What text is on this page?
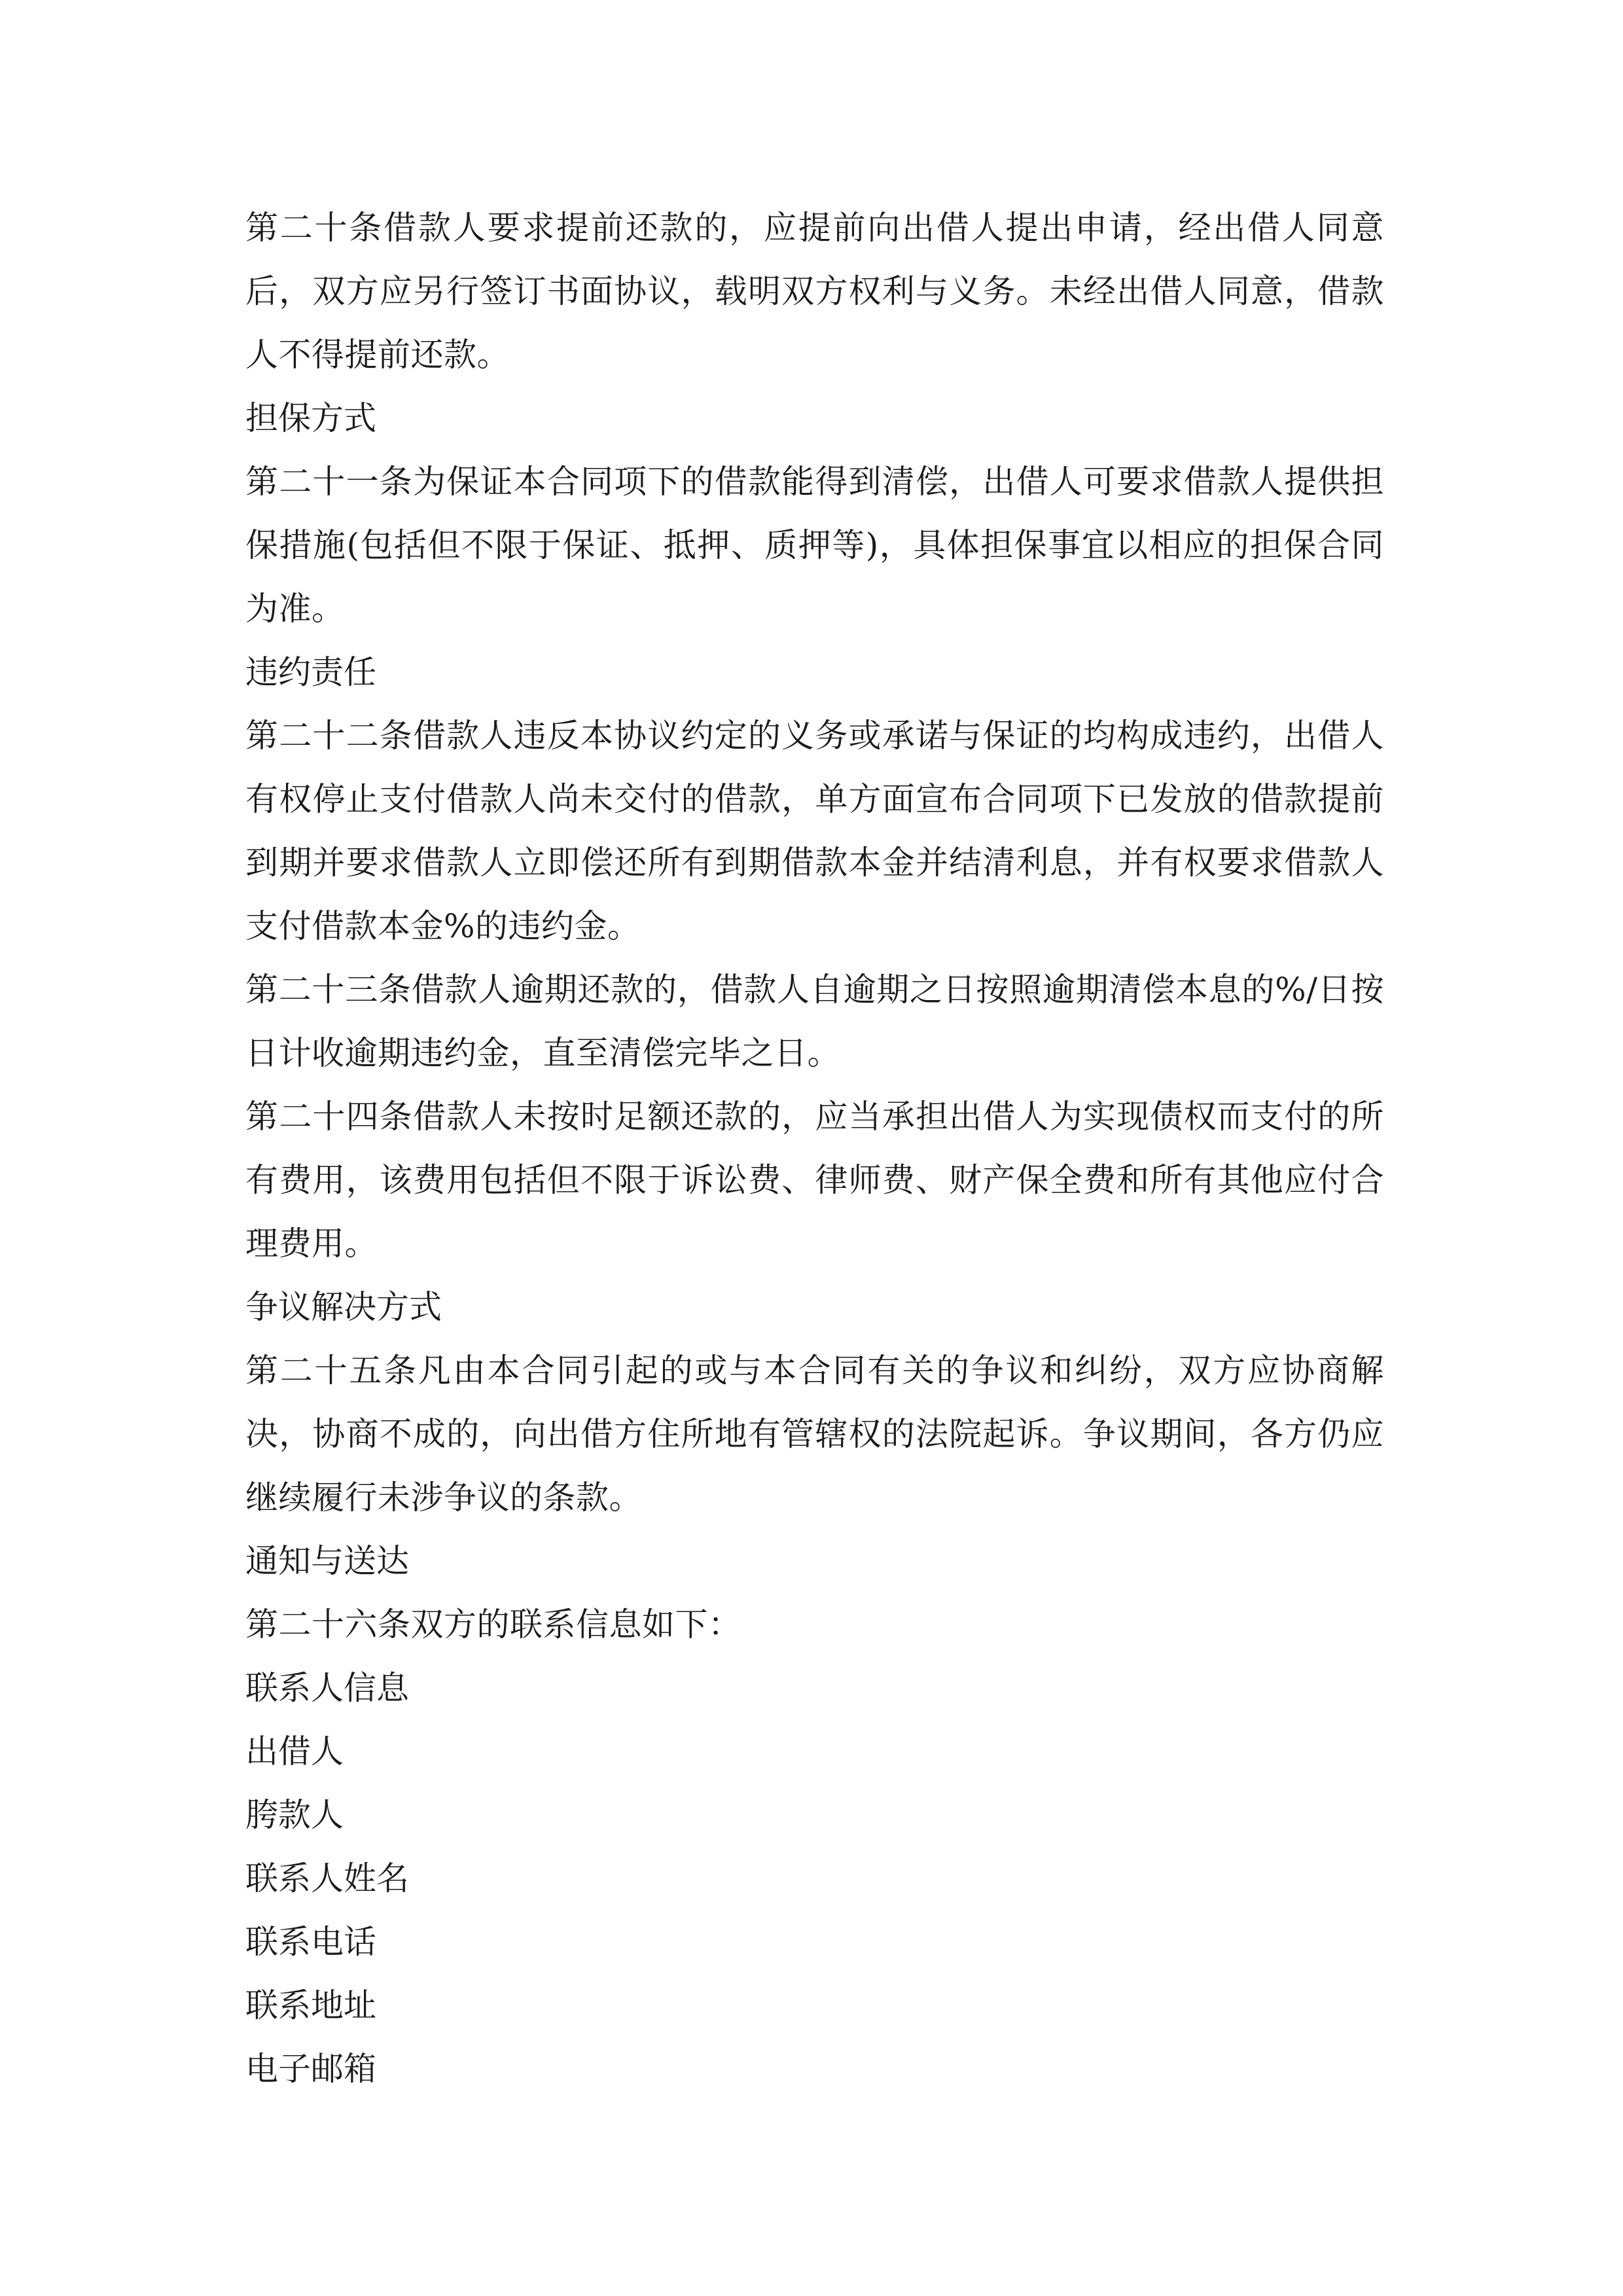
第二十条借款人要求提前还款的，应提前向出借人提出申请，经出借人同意后，双方应另行签订书面协议，载明双方权利与义务。未经出借人同意，借款人不得提前还款。

担保方式

第二十一条为保证本合同项下的借款能得到清偿，出借人可要求借款人提供担保措施(包括但不限于保证、抵押、质押等)，具体担保事宜以相应的担保合同为准。

违约责任

第二十二条借款人违反本协议约定的义务或承诺与保证的均构成违约，出借人有权停止支付借款人尚未交付的借款，单方面宣布合同项下已发放的借款提前到期并要求借款人立即偿还所有到期借款本金并结清利息，并有权要求借款人支付借款本金%的违约金。

第二十三条借款人逾期还款的，借款人自逾期之日按照逾期清偿本息的%/日按日计收逾期违约金，直至清偿完毕之日。

第二十四条借款人未按时足额还款的，应当承担出借人为实现债权而支付的所有费用，该费用包括但不限于诉讼费、律师费、财产保全费和所有其他应付合理费用。

争议解决方式

第二十五条凡由本合同引起的或与本合同有关的争议和纠纷，双方应协商解决，协商不成的，向出借方住所地有管辖权的法院起诉。争议期间，各方仍应继续履行未涉争议的条款。

通知与送达

第二十六条双方的联系信息如下：

联系人信息

出借人

胯款人

联系人姓名

联系电话

联系地址

电子邮箱
